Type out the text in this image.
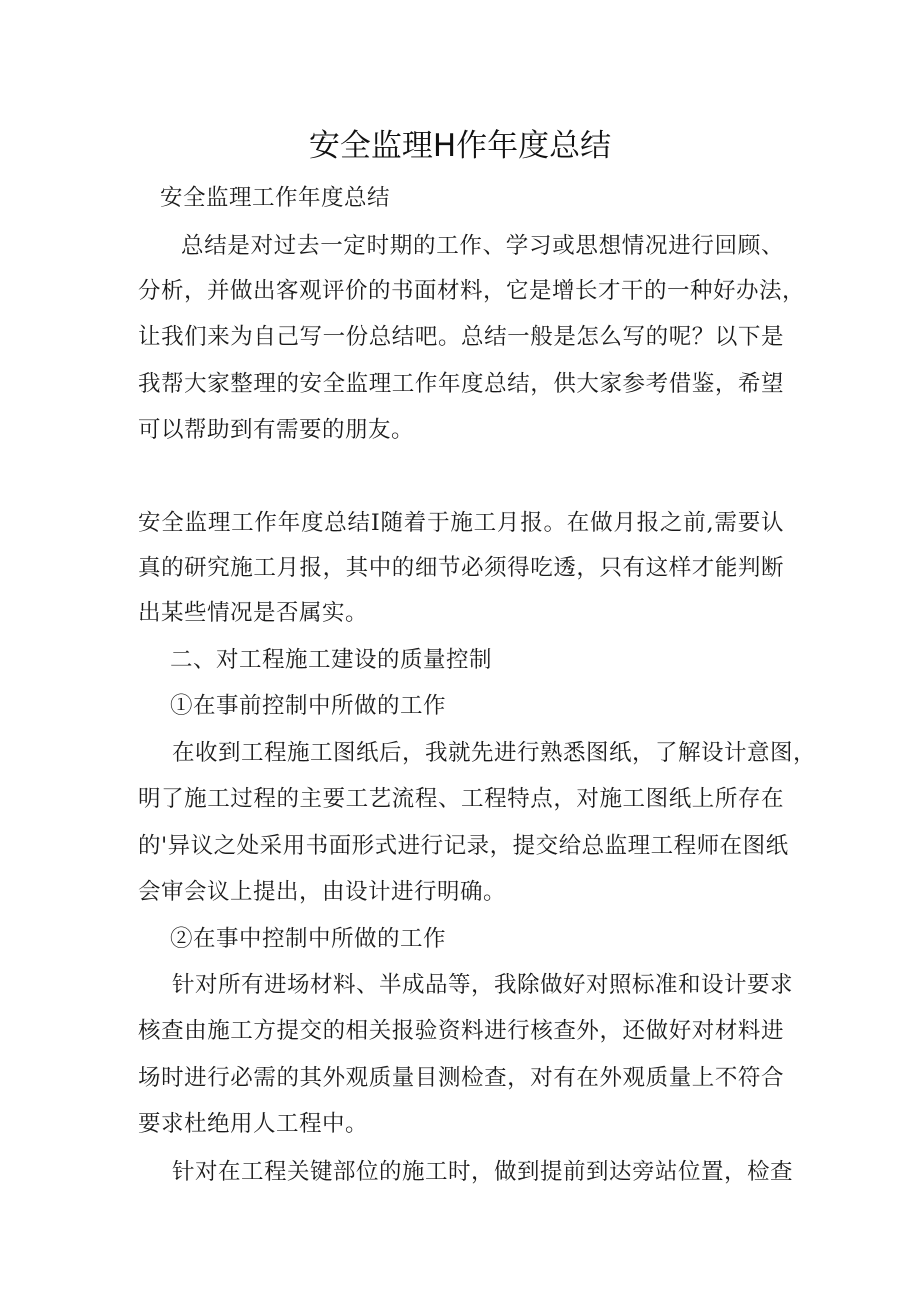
安全监理H作年度总结
安全监理工作年度总结
总结是对过去一定时期的工作、学习或思想情况进行回顾、
分析，并做出客观评价的书面材料，它是增长才干的一种好办法，
让我们来为自己写一份总结吧。总结一般是怎么写的呢？以下是
我帮大家整理的安全监理工作年度总结，供大家参考借鉴，希望
可以帮助到有需要的朋友。
安全监理工作年度总结I随着于施工月报。在做月报之前,需要认
真的研究施工月报，其中的细节必须得吃透，只有这样才能判断
出某些情况是否属实。
二、对工程施工建设的质量控制
①在事前控制中所做的工作
在收到工程施工图纸后，我就先进行熟悉图纸，了解设计意图，
明了施工过程的主要工艺流程、工程特点，对施工图纸上所存在
的'异议之处采用书面形式进行记录，提交给总监理工程师在图纸
会审会议上提出，由设计进行明确。
②在事中控制中所做的工作
针对所有进场材料、半成品等，我除做好对照标准和设计要求
核查由施工方提交的相关报验资料进行核查外，还做好对材料进
场时进行必需的其外观质量目测检查，对有在外观质量上不符合
要求杜绝用人工程中。
针对在工程关键部位的施工时，做到提前到达旁站位置，检查
